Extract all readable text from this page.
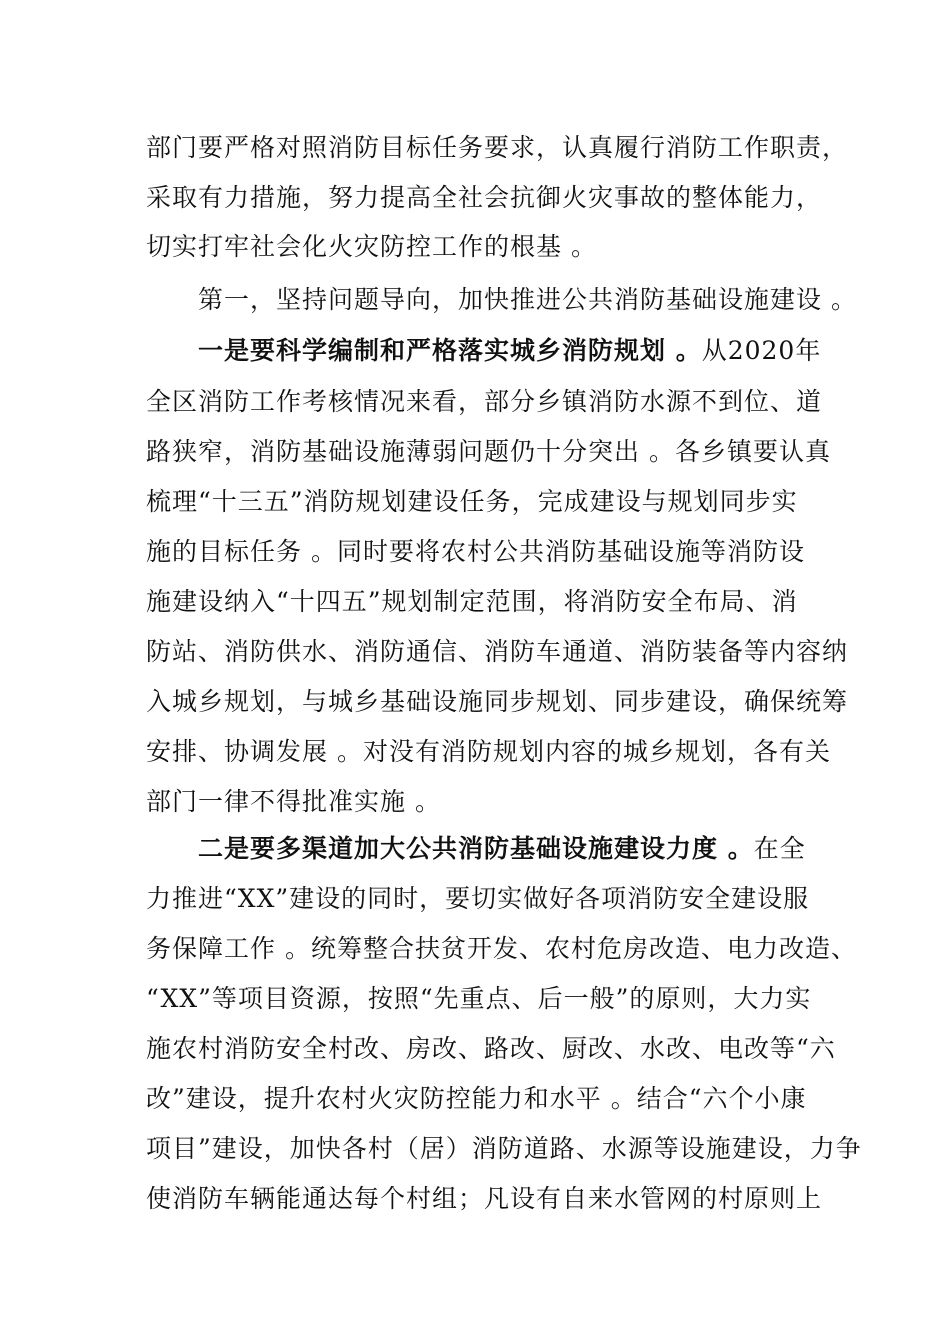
部门要严格对照消防目标任务要求，认真履行消防工作职责，
采取有力措施，努力提高全社会抗御火灾事故的整体能力，
切实打牢社会化火灾防控工作的根基 。
第一，坚持问题导向，加快推进公共消防基础设施建设 。
一是要科学编制和严格落实城乡消防规划 。从2020年
全区消防工作考核情况来看，部分乡镇消防水源不到位、道
路狭窄，消防基础设施薄弱问题仍十分突出 。各乡镇要认真
梳理“十三五”消防规划建设任务，完成建设与规划同步实
施的目标任务 。同时要将农村公共消防基础设施等消防设
施建设纳入“十四五”规划制定范围，将消防安全布局、消
防站、消防供水、消防通信、消防车通道、消防装备等内容纳
入城乡规划，与城乡基础设施同步规划、同步建设，确保统筹
安排、协调发展 。对没有消防规划内容的城乡规划，各有关
部门一律不得批准实施 。
二是要多渠道加大公共消防基础设施建设力度 。在全
力推进“XX”建设的同时，要切实做好各项消防安全建设服
务保障工作 。统筹整合扶贫开发、农村危房改造、电力改造、
“XX”等项目资源，按照“先重点、后一般”的原则，大力实
施农村消防安全村改、房改、路改、厨改、水改、电改等“六
改”建设，提升农村火灾防控能力和水平 。结合“六个小康
项目”建设，加快各村（居）消防道路、水源等设施建设，力争
使消防车辆能通达每个村组；凡设有自来水管网的村原则上
